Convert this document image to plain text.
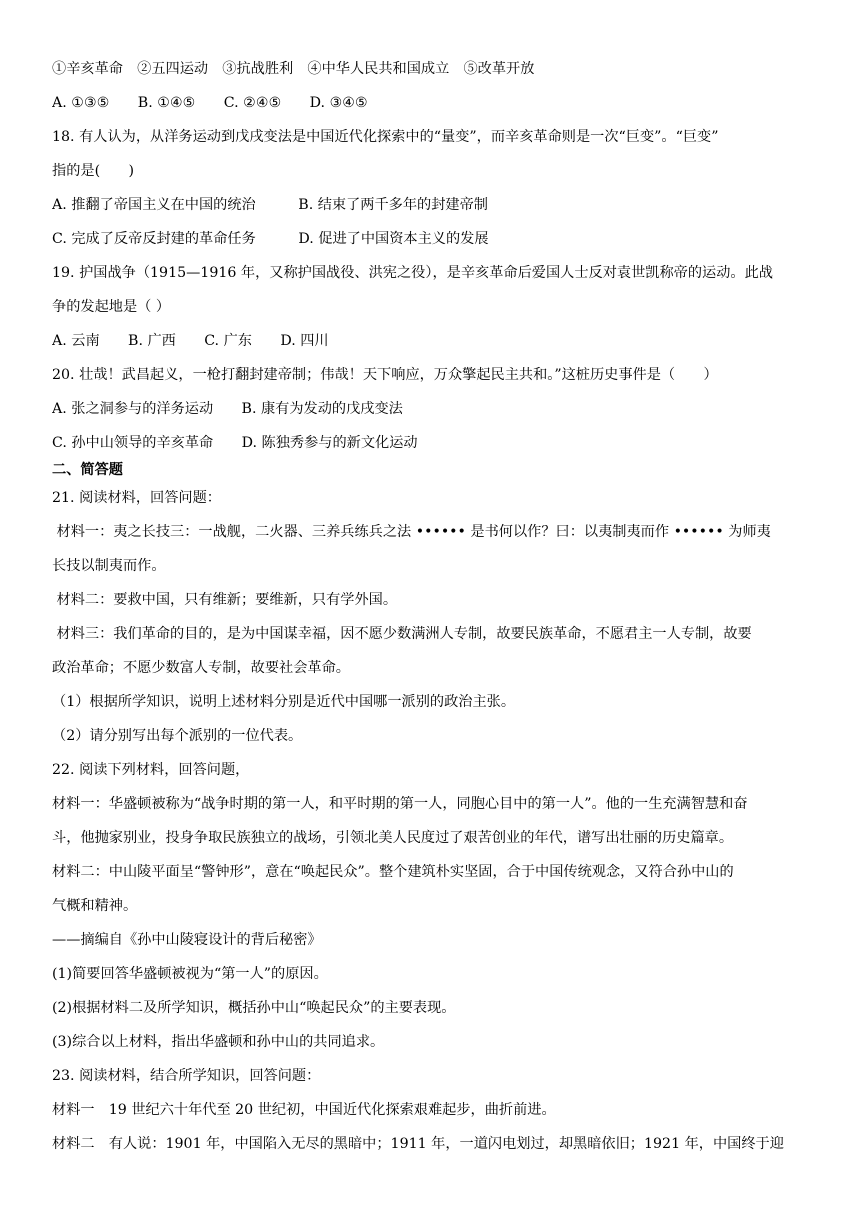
①辛亥革命　②五四运动　③抗战胜利　④中华人民共和国成立　⑤改革开放
A. ①③⑤　　B. ①④⑤　　C. ②④⑤　　D. ③④⑤
18. 有人认为，从洋务运动到戊戌变法是中国近代化探索中的“量变”，而辛亥革命则是一次“巨变”。“巨变”
指的是(　　)
A. 推翻了帝国主义在中国的统治　　　B. 结束了两千多年的封建帝制
C. 完成了反帝反封建的革命任务　　　D. 促进了中国资本主义的发展
19. 护国战争（1915—1916 年，又称护国战役、洪宪之役），是辛亥革命后爱国人士反对袁世凯称帝的运动。此战
争的发起地是（ ）
A. 云南　　B. 广西　　C. 广东　　D. 四川
20. 壮哉！武昌起义，一枪打翻封建帝制；伟哉！天下响应，万众擎起民主共和。”这桩历史事件是（　　）
A. 张之洞参与的洋务运动　　B. 康有为发动的戊戌变法
C. 孙中山领导的辛亥革命　　D. 陈独秀参与的新文化运动
二、简答题
21. 阅读材料，回答问题：
材料一：夷之长技三：一战舰，二火器、三养兵练兵之法 •••••• 是书何以作？曰：以夷制夷而作 •••••• 为师夷
长技以制夷而作。
材料二：要救中国，只有维新；要维新，只有学外国。
材料三：我们革命的目的，是为中国谋幸福，因不愿少数满洲人专制，故要民族革命，不愿君主一人专制，故要
政治革命；不愿少数富人专制，故要社会革命。
（1）根据所学知识，说明上述材料分别是近代中国哪一派别的政治主张。
（2）请分别写出每个派别的一位代表。
22. 阅读下列材料，回答问题，
材料一：华盛顿被称为“战争时期的第一人，和平时期的第一人，同胞心目中的第一人”。他的一生充满智慧和奋
斗，他抛家别业，投身争取民族独立的战场，引领北美人民度过了艰苦创业的年代，谱写出壮丽的历史篇章。
材料二：中山陵平面呈“警钟形”，意在“唤起民众”。整个建筑朴实坚固，合于中国传统观念，又符合孙中山的
气概和精神。
——摘编自《孙中山陵寝设计的背后秘密》
(1)简要回答华盛顿被视为“第一人”的原因。
(2)根据材料二及所学知识，概括孙中山“唤起民众”的主要表现。
(3)综合以上材料，指出华盛顿和孙中山的共同追求。
23. 阅读材料，结合所学知识，回答问题：
材料一　19 世纪六十年代至 20 世纪初，中国近代化探索艰难起步，曲折前进。
材料二　有人说：1901 年，中国陷入无尽的黑暗中；1911 年，一道闪电划过，却黑暗依旧；1921 年，中国终于迎
